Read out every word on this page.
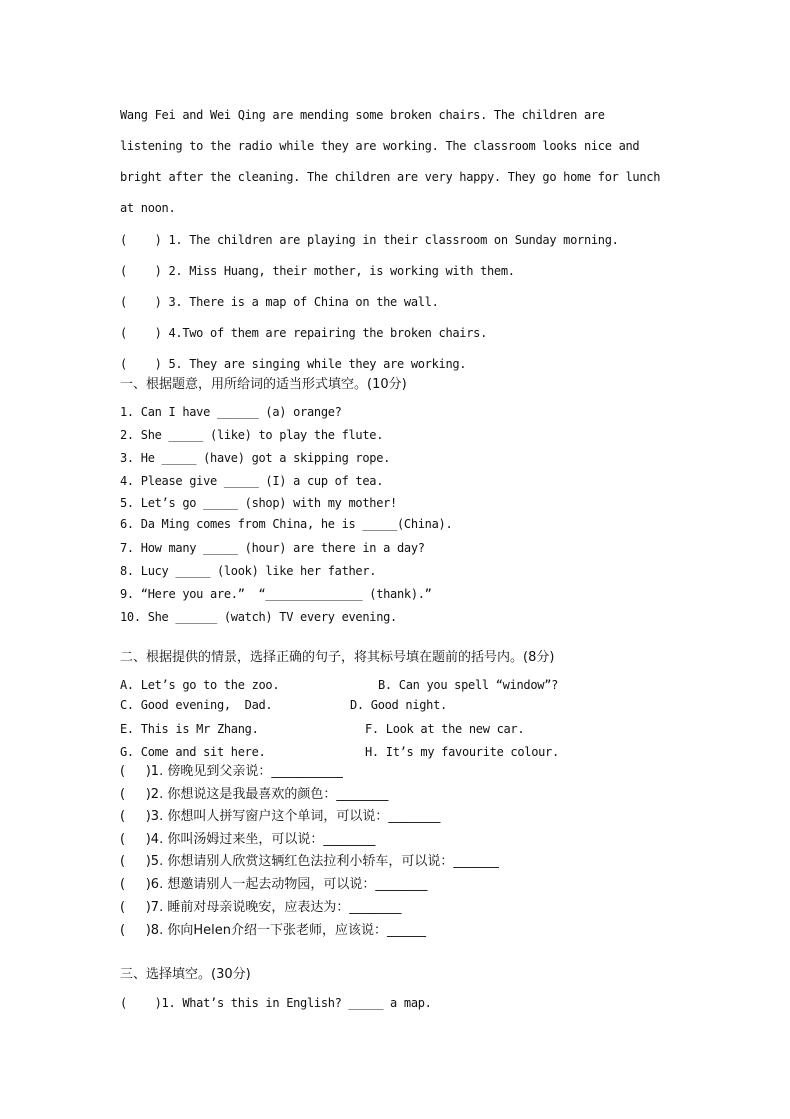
Wang Fei and Wei Qing are mending some broken chairs. The children are
listening to the radio while they are working. The classroom looks nice and
bright after the cleaning. The children are very happy. They go home for lunch
at noon.
(    ) 1. The children are playing in their classroom on Sunday morning.
(    ) 2. Miss Huang, their mother, is working with them.
(    ) 3. There is a map of China on the wall.
(    ) 4.Two of them are repairing the broken chairs.
(    ) 5. They are singing while they are working.
一、根据题意，用所给词的适当形式填空。(10分)
1. Can I have ______ (a) orange?
2. She _____ (like) to play the flute.
3. He _____ (have) got a skipping rope.
4. Please give _____ (I) a cup of tea.
5. Let’s go _____ (shop) with my mother!
6. Da Ming comes from China, he is _____(China).
7. How many _____ (hour) are there in a day?
8. Lucy _____ (look) like her father.
9. “Here you are.”  “______________ (thank).”
10. She ______ (watch) TV every evening.
二、根据提供的情景，选择正确的句子，将其标号填在题前的括号内。(8分)
A. Let’s go to the zoo.	B. Can you spell “window”?
C. Good evening,  Dad.	D. Good night.
E. This is Mr Zhang.	F. Look at the new car.
G. Come and sit here.	H. It’s my favourite colour.
(     )1. 傍晚见到父亲说：___________
(     )2. 你想说这是我最喜欢的颜色：________
(     )3. 你想叫人拼写窗户这个单词，可以说：________
(     )4. 你叫汤姆过来坐，可以说：________
(     )5. 你想请别人欣赏这辆红色法拉利小轿车，可以说：_______
(     )6. 想邀请别人一起去动物园，可以说：________
(     )7. 睡前对母亲说晚安，应表达为：________
(     )8. 你向Helen介绍一下张老师，应该说：______
三、选择填空。(30分)
(    )1. What’s this in English? _____ a map.
